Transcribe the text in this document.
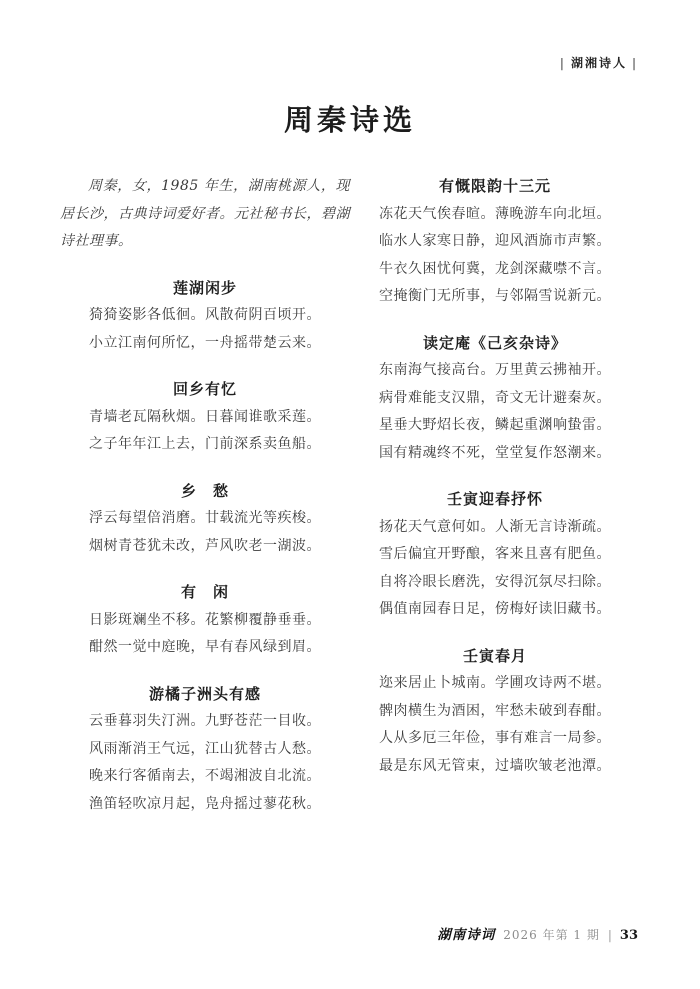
| 湖湘诗人 |
周秦诗选

周秦，女，1985 年生，湖南桃源人，现居长沙，古典诗词爱好者。元社秘书长，碧湖诗社理事。

莲湖闲步

猗猗姿影各低徊。风散荷阴百顷开。

小立江南何所忆，一舟摇带楚云来。

回乡有忆

青墙老瓦隔秋烟。日暮闻谁歌采莲。

之子年年江上去，门前深系卖鱼船。

乡　愁

浮云每望倍消磨。廿载流光等疾梭。

烟树青苍犹未改，芦风吹老一湖波。

有　闲

日影斑斓坐不移。花繁柳覆静垂垂。

酣然一觉中庭晚，早有春风绿到眉。

游橘子洲头有感

云垂暮羽失汀洲。九野苍茫一目收。

风雨渐消王气远，江山犹替古人愁。

晚来行客循南去，不竭湘波自北流。

渔笛轻吹凉月起，凫舟摇过蓼花秋。

有慨限韵十三元

冻花天气俟春暄。薄晚游车向北垣。

临水人家寒日静，迎风酒旆市声繁。

牛衣久困忧何冀，龙剑深藏噤不言。

空掩衡门无所事，与邻隔雪说新元。

读定庵《己亥杂诗》

东南海气接高台。万里黄云拂袖开。

病骨难能支汉鼎，奇文无计避秦灰。

星垂大野炤长夜，鳞起重渊响蛰雷。

国有精魂终不死，堂堂复作怒潮来。

壬寅迎春抒怀

扬花天气意何如。人渐无言诗渐疏。

雪后偏宜开野酿，客来且喜有肥鱼。

自将冷眼长磨洗，安得沉氛尽扫除。

偶值南园春日足，傍梅好读旧藏书。

壬寅春月

迩来居止卜城南。学圃攻诗两不堪。

髀肉横生为酒困，牢愁未破到春酣。

人从多厄三年俭，事有难言一局参。

最是东风无管束，过墙吹皱老池潭。

湖南诗词 2026 年第 1 期 | 33
